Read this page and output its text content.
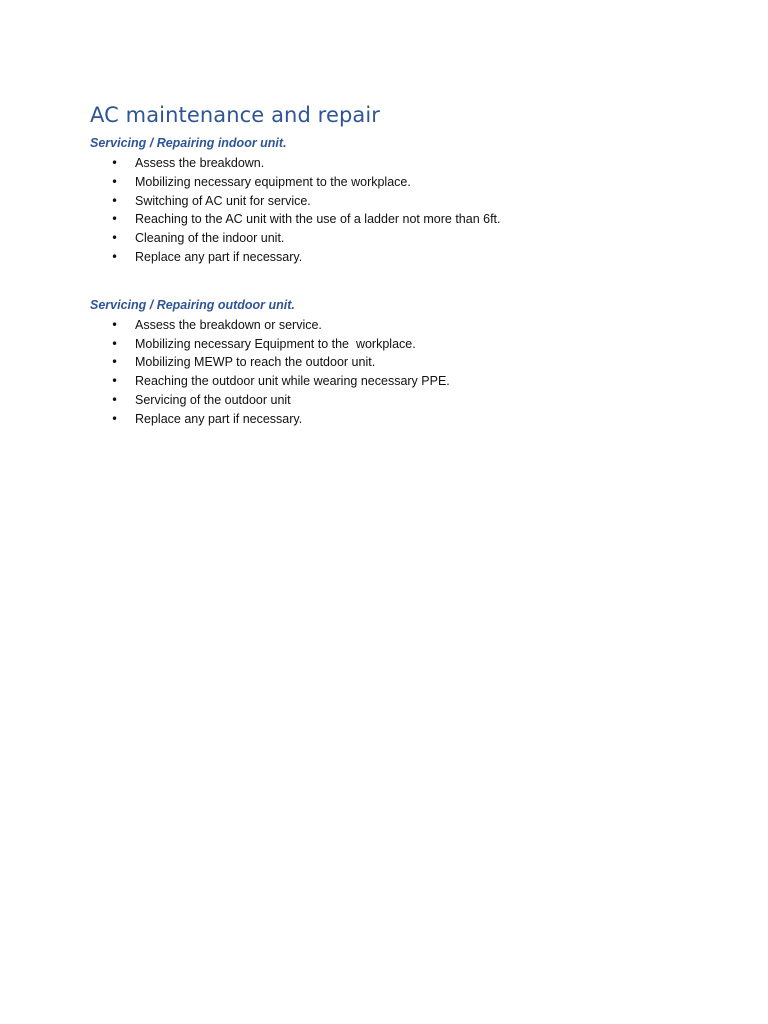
AC maintenance and repair
Servicing / Repairing indoor unit.
• Assess the breakdown.
• Mobilizing necessary equipment to the workplace.
• Switching of AC unit for service.
• Reaching to the AC unit with the use of a ladder not more than 6ft.
• Cleaning of the indoor unit.
• Replace any part if necessary.
Servicing / Repairing outdoor unit.
• Assess the breakdown or service.
• Mobilizing necessary Equipment to the  workplace.
• Mobilizing MEWP to reach the outdoor unit.
• Reaching the outdoor unit while wearing necessary PPE.
• Servicing of the outdoor unit
• Replace any part if necessary.
